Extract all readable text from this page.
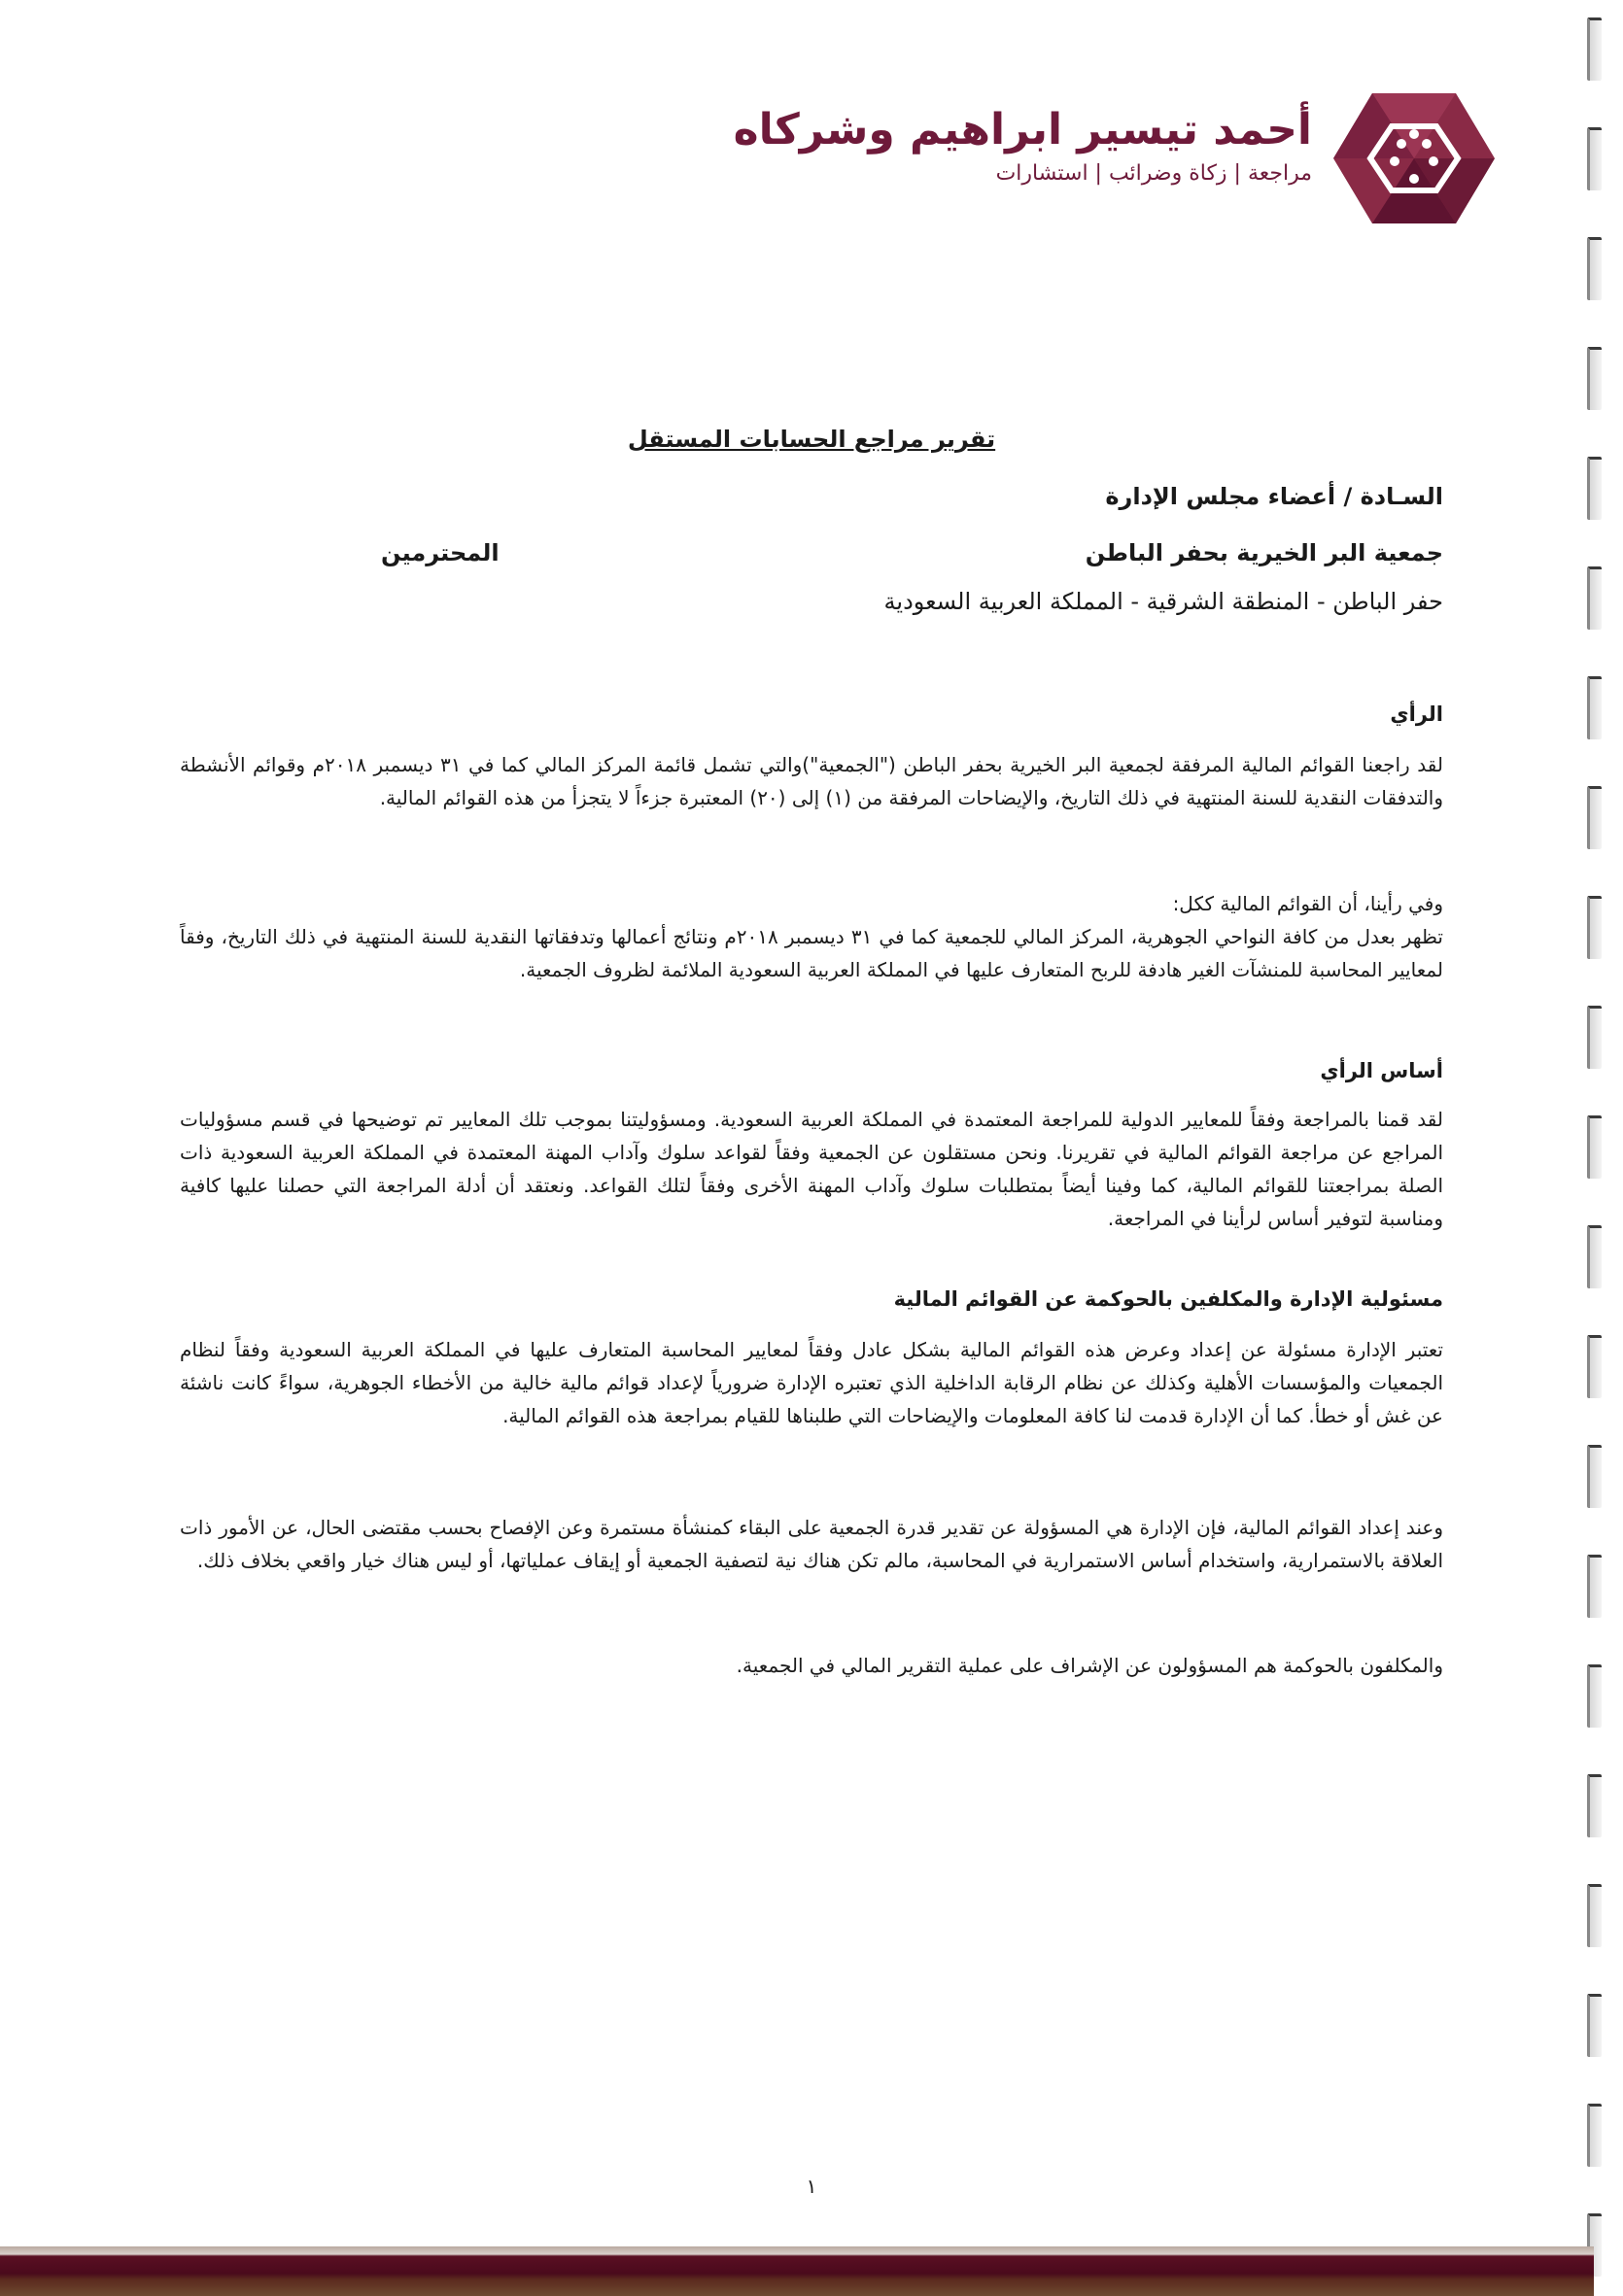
أحمد تيسير ابراهيم وشركاه
مراجعة | زكاة وضرائب | استشارات
تقرير مراجع الحسابات المستقل
السـادة / أعضاء مجلس الإدارة
جمعية البر الخيرية بحفر الباطن
المحترمين
حفر الباطن - المنطقة الشرقية - المملكة العربية السعودية
الرأي
لقد راجعنا القوائم المالية المرفقة لجمعية البر الخيرية بحفر الباطن ("الجمعية")والتي تشمل قائمة المركز المالي كما في ٣١ ديسمبر ٢٠١٨م وقوائم الأنشطة والتدفقات النقدية للسنة المنتهية في ذلك التاريخ، والإيضاحات المرفقة من (١) إلى (٢٠) المعتبرة جزءاً لا يتجزأ من هذه القوائم المالية.
وفي رأينا، أن القوائم المالية ككل:
تظهر بعدل من كافة النواحي الجوهرية، المركز المالي للجمعية كما في ٣١ ديسمبر ٢٠١٨م ونتائج أعمالها وتدفقاتها النقدية للسنة المنتهية في ذلك التاريخ، وفقاً لمعايير المحاسبة للمنشآت الغير هادفة للربح المتعارف عليها في المملكة العربية السعودية الملائمة لظروف الجمعية.
أساس الرأي
لقد قمنا بالمراجعة وفقاً للمعايير الدولية للمراجعة المعتمدة في المملكة العربية السعودية. ومسؤوليتنا بموجب تلك المعايير تم توضيحها في قسم مسؤوليات المراجع عن مراجعة القوائم المالية في تقريرنا. ونحن مستقلون عن الجمعية وفقاً لقواعد سلوك وآداب المهنة المعتمدة في المملكة العربية السعودية ذات الصلة بمراجعتنا للقوائم المالية، كما وفينا أيضاً بمتطلبات سلوك وآداب المهنة الأخرى وفقاً لتلك القواعد. ونعتقد أن أدلة المراجعة التي حصلنا عليها كافية ومناسبة لتوفير أساس لرأينا في المراجعة.
مسئولية الإدارة والمكلفين بالحوكمة عن القوائم المالية
تعتبر الإدارة مسئولة عن إعداد وعرض هذه القوائم المالية بشكل عادل وفقاً لمعايير المحاسبة المتعارف عليها في المملكة العربية السعودية وفقاً لنظام الجمعيات والمؤسسات الأهلية وكذلك عن نظام الرقابة الداخلية الذي تعتبره الإدارة ضرورياً لإعداد قوائم مالية خالية من الأخطاء الجوهرية، سواءً كانت ناشئة عن غش أو خطأ. كما أن الإدارة قدمت لنا كافة المعلومات والإيضاحات التي طلبناها للقيام بمراجعة هذه القوائم المالية.
وعند إعداد القوائم المالية، فإن الإدارة هي المسؤولة عن تقدير قدرة الجمعية على البقاء كمنشأة مستمرة وعن الإفصاح بحسب مقتضى الحال، عن الأمور ذات العلاقة بالاستمرارية، واستخدام أساس الاستمرارية في المحاسبة، مالم تكن هناك نية لتصفية الجمعية أو إيقاف عملياتها، أو ليس هناك خيار واقعي بخلاف ذلك.
والمكلفون بالحوكمة هم المسؤولون عن الإشراف على عملية التقرير المالي في الجمعية.
١
